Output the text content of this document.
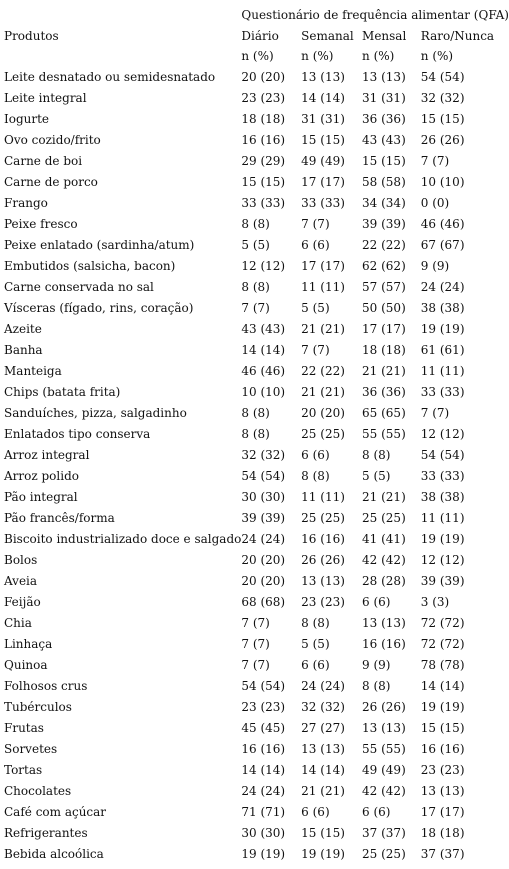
	Questionário de frequência alimentar (QFA)			
Produtos	Diário	Semanal	Mensal	Raro/Nunca
	n (%)	n (%)	n (%)	n (%)
Leite desnatado ou semidesnatado	20 (20)	13 (13)	13 (13)	54 (54)
Leite integral	23 (23)	14 (14)	31 (31)	32 (32)
Iogurte	18 (18)	31 (31)	36 (36)	15 (15)
Ovo cozido/frito	16 (16)	15 (15)	43 (43)	26 (26)
Carne de boi	29 (29)	49 (49)	15 (15)	7 (7)
Carne de porco	15 (15)	17 (17)	58 (58)	10 (10)
Frango	33 (33)	33 (33)	34 (34)	0 (0)
Peixe fresco	8 (8)	7 (7)	39 (39)	46 (46)
Peixe enlatado (sardinha/atum)	5 (5)	6 (6)	22 (22)	67 (67)
Embutidos (salsicha, bacon)	12 (12)	17 (17)	62 (62)	9 (9)
Carne conservada no sal	8 (8)	11 (11)	57 (57)	24 (24)
Vísceras (fígado, rins, coração)	7 (7)	5 (5)	50 (50)	38 (38)
Azeite	43 (43)	21 (21)	17 (17)	19 (19)
Banha	14 (14)	7 (7)	18 (18)	61 (61)
Manteiga	46 (46)	22 (22)	21 (21)	11 (11)
Chips (batata frita)	10 (10)	21 (21)	36 (36)	33 (33)
Sanduíches, pizza, salgadinho	8 (8)	20 (20)	65 (65)	7 (7)
Enlatados tipo conserva	8 (8)	25 (25)	55 (55)	12 (12)
Arroz integral	32 (32)	6 (6)	8 (8)	54 (54)
Arroz polido	54 (54)	8 (8)	5 (5)	33 (33)
Pão integral	30 (30)	11 (11)	21 (21)	38 (38)
Pão francês/forma	39 (39)	25 (25)	25 (25)	11 (11)
Biscoito industrializado doce e salgado	24 (24)	16 (16)	41 (41)	19 (19)
Bolos	20 (20)	26 (26)	42 (42)	12 (12)
Aveia	20 (20)	13 (13)	28 (28)	39 (39)
Feijão	68 (68)	23 (23)	6 (6)	3 (3)
Chia	7 (7)	8 (8)	13 (13)	72 (72)
Linhaça	7 (7)	5 (5)	16 (16)	72 (72)
Quinoa	7 (7)	6 (6)	9 (9)	78 (78)
Folhosos crus	54 (54)	24 (24)	8 (8)	14 (14)
Tubérculos	23 (23)	32 (32)	26 (26)	19 (19)
Frutas	45 (45)	27 (27)	13 (13)	15 (15)
Sorvetes	16 (16)	13 (13)	55 (55)	16 (16)
Tortas	14 (14)	14 (14)	49 (49)	23 (23)
Chocolates	24 (24)	21 (21)	42 (42)	13 (13)
Café com açúcar	71 (71)	6 (6)	6 (6)	17 (17)
Refrigerantes	30 (30)	15 (15)	37 (37)	18 (18)
Bebida alcoólica	19 (19)	19 (19)	25 (25)	37 (37)
